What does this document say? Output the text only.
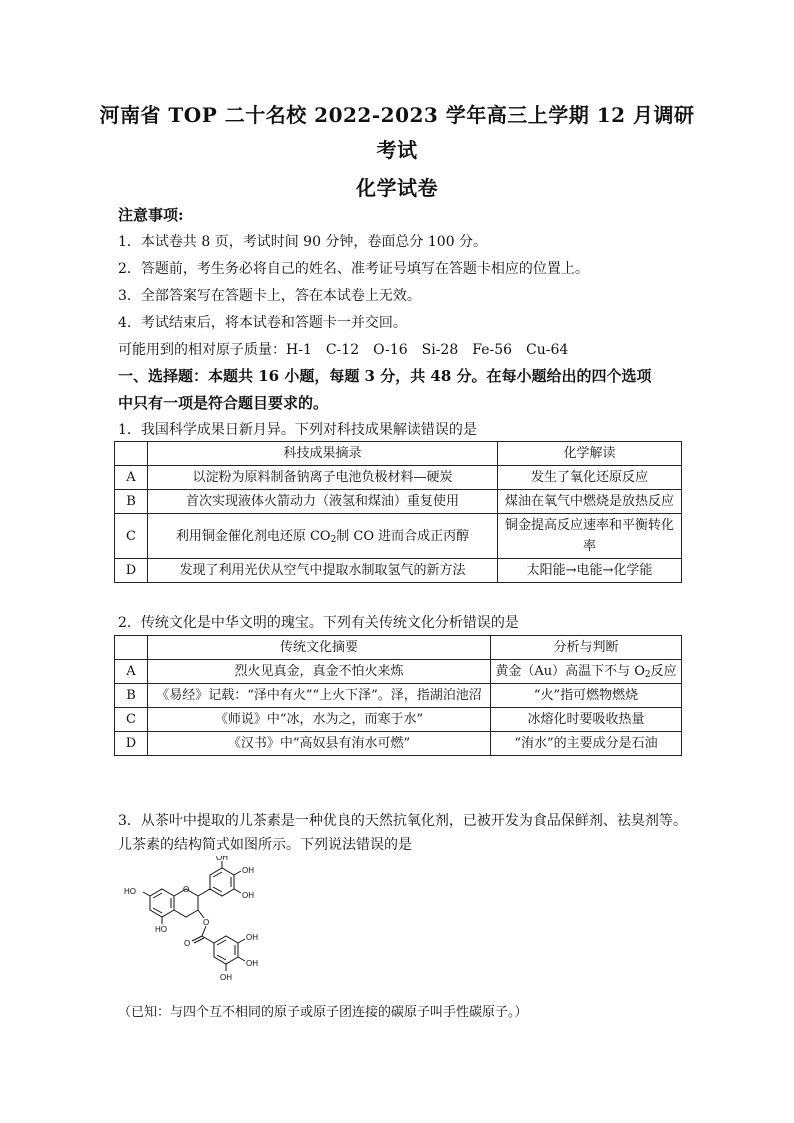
河南省 TOP 二十名校 2022-2023 学年高三上学期 12 月调研
考试
化学试卷
注意事项:
1．本试卷共 8 页，考试时间 90 分钟，卷面总分 100 分。
2．答题前，考生务必将自己的姓名、准考证号填写在答题卡相应的位置上。
3．全部答案写在答题卡上，答在本试卷上无效。
4．考试结束后，将本试卷和答题卡一并交回。
可能用到的相对原子质量：H-1　C-12　O-16　Si-28　Fe-56　Cu-64
一、选择题：本题共 16 小题，每题 3 分，共 48 分。在每小题给出的四个选项
中只有一项是符合题目要求的。
1．我国科学成果日新月异。下列对科技成果解读错误的是
	科技成果摘录	化学解读
A	以淀粉为原料制备钠离子电池负极材料—硬炭	发生了氧化还原反应
B	首次实现液体火箭动力（液氢和煤油）重复使用	煤油在氧气中燃烧是放热反应
C	利用铜金催化剂电还原 $CO_2$制 CO 进而合成正丙醇	铜金提高反应速率和平衡转化率
D	发现了利用光伏从空气中提取水制取氢气的新方法	太阳能→电能→化学能
2．传统文化是中华文明的瑰宝。下列有关传统文化分析错误的是
	传统文化摘要	分析与判断
A	烈火见真金，真金不怕火来炼	黄金（Au）高温下不与 $O_2$反应
B	《易经》记载：“泽中有火”“上火下泽”。泽，指湖泊池沼	“火”指可燃物燃烧
C	《师说》中“冰，水为之，而寒于水”	冰熔化时要吸收热量
D	《汉书》中“高奴县有洧水可燃”	“洧水”的主要成分是石油
3．从茶叶中提取的儿茶素是一种优良的天然抗氧化剂，已被开发为食品保鲜剂、祛臭剂等。
儿茶素的结构简式如图所示。下列说法错误的是
OH
OH
OH
HO
HO
O
O
O
OH
OH
OH
（已知：与四个互不相同的原子或原子团连接的碳原子叫手性碳原子。）
